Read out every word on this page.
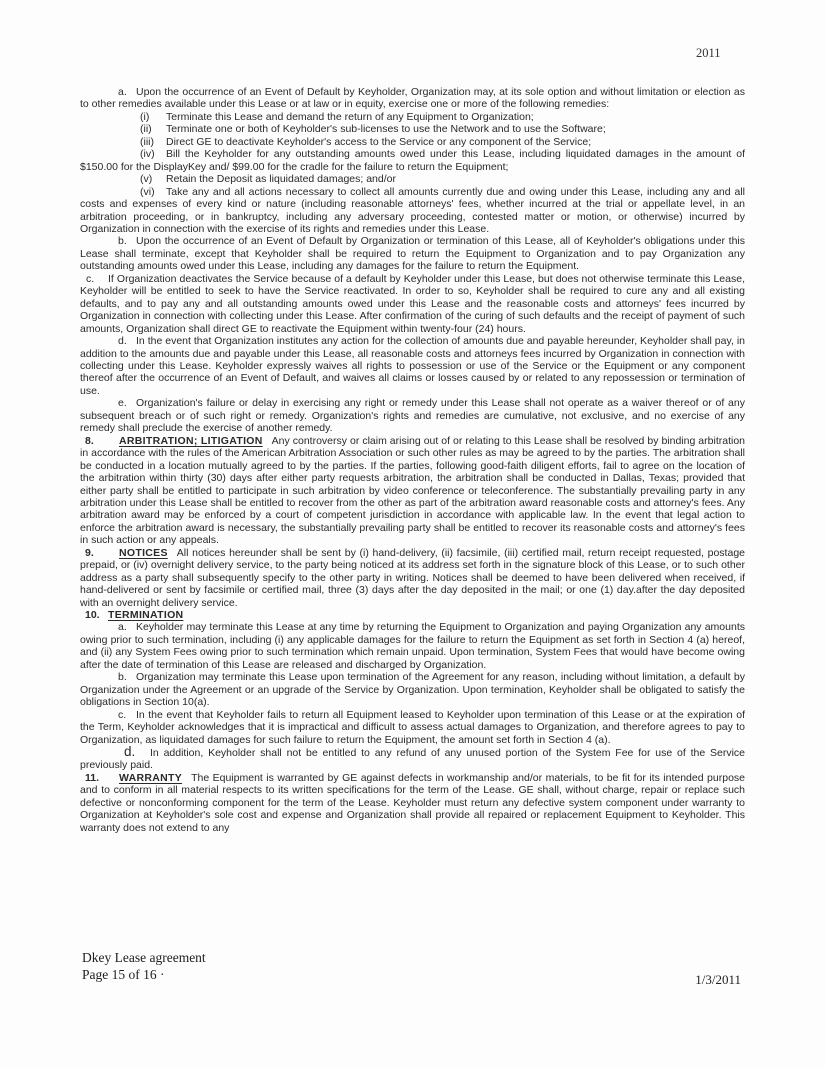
2011

a. Upon the occurrence of an Event of Default by Keyholder, Organization may, at its sole option and without limitation or election as to other remedies available under this Lease or at law or in equity, exercise one or more of the following remedies:

(i) Terminate this Lease and demand the return of any Equipment to Organization;

(ii) Terminate one or both of Keyholder's sub-licenses to use the Network and to use the Software;

(iii) Direct GE to deactivate Keyholder's access to the Service or any component of the Service;

(iv) Bill the Keyholder for any outstanding amounts owed under this Lease, including liquidated damages in the amount of $150.00 for the DisplayKey and/ $99.00 for the cradle for the failure to return the Equipment;

(v) Retain the Deposit as liquidated damages; and/or

(vi) Take any and all actions necessary to collect all amounts currently due and owing under this Lease, including any and all costs and expenses of every kind or nature (including reasonable attorneys' fees, whether incurred at the trial or appellate level, in an arbitration proceeding, or in bankruptcy, including any adversary proceeding, contested matter or motion, or otherwise) incurred by Organization in connection with the exercise of its rights and remedies under this Lease.

b. Upon the occurrence of an Event of Default by Organization or termination of this Lease, all of Keyholder's obligations under this Lease shall terminate, except that Keyholder shall be required to return the Equipment to Organization and to pay Organization any outstanding amounts owed under this Lease, including any damages for the failure to return the Equipment.

c. If Organization deactivates the Service because of a default by Keyholder under this Lease, but does not otherwise terminate this Lease, Keyholder will be entitled to seek to have the Service reactivated. In order to so, Keyholder shall be required to cure any and all existing defaults, and to pay any and all outstanding amounts owed under this Lease and the reasonable costs and attorneys' fees incurred by Organization in connection with collecting under this Lease. After confirmation of the curing of such defaults and the receipt of payment of such amounts, Organization shall direct GE to reactivate the Equipment within twenty-four (24) hours.

d. In the event that Organization institutes any action for the collection of amounts due and payable hereunder, Keyholder shall pay, in addition to the amounts due and payable under this Lease, all reasonable costs and attorneys fees incurred by Organization in connection with collecting under this Lease. Keyholder expressly waives all rights to possession or use of the Service or the Equipment or any component thereof after the occurrence of an Event of Default, and waives all claims or losses caused by or related to any repossession or termination of use.

e. Organization's failure or delay in exercising any right or remedy under this Lease shall not operate as a waiver thereof or of any subsequent breach or of such right or remedy. Organization's rights and remedies are cumulative, not exclusive, and no exercise of any remedy shall preclude the exercise of another remedy.

8. ARBITRATION; LITIGATION Any controversy or claim arising out of or relating to this Lease shall be resolved by binding arbitration in accordance with the rules of the American Arbitration Association or such other rules as may be agreed to by the parties. The arbitration shall be conducted in a location mutually agreed to by the parties. If the parties, following good-faith diligent efforts, fail to agree on the location of the arbitration within thirty (30) days after either party requests arbitration, the arbitration shall be conducted in Dallas, Texas; provided that either party shall be entitled to participate in such arbitration by video conference or teleconference. The substantially prevailing party in any arbitration under this Lease shall be entitled to recover from the other as part of the arbitration award reasonable costs and attorney's fees. Any arbitration award may be enforced by a court of competent jurisdiction in accordance with applicable law. In the event that legal action to enforce the arbitration award is necessary, the substantially prevailing party shall be entitled to recover its reasonable costs and attorney's fees in such action or any appeals.

9. NOTICES All notices hereunder shall be sent by (i) hand-delivery, (ii) facsimile, (iii) certified mail, return receipt requested, postage prepaid, or (iv) overnight delivery service, to the party being noticed at its address set forth in the signature block of this Lease, or to such other address as a party shall subsequently specify to the other party in writing. Notices shall be deemed to have been delivered when received, if hand-delivered or sent by facsimile or certified mail, three (3) days after the day deposited in the mail; or one (1) day.after the day deposited with an overnight delivery service.

10. TERMINATION

a. Keyholder may terminate this Lease at any time by returning the Equipment to Organization and paying Organization any amounts owing prior to such termination, including (i) any applicable damages for the failure to return the Equipment as set forth in Section 4 (a) hereof, and (ii) any System Fees owing prior to such termination which remain unpaid. Upon termination, System Fees that would have become owing after the date of termination of this Lease are released and discharged by Organization.

b. Organization may terminate this Lease upon termination of the Agreement for any reason, including without limitation, a default by Organization under the Agreement or an upgrade of the Service by Organization. Upon termination, Keyholder shall be obligated to satisfy the obligations in Section 10(a).

c. In the event that Keyholder fails to return all Equipment leased to Keyholder upon termination of this Lease or at the expiration of the Term, Keyholder acknowledges that it is impractical and difficult to assess actual damages to Organization, and therefore agrees to pay to Organization, as liquidated damages for such failure to return the Equipment, the amount set forth in Section 4 (a).

d. In addition, Keyholder shall not be entitled to any refund of any unused portion of the System Fee for use of the Service previously paid.

11. WARRANTY The Equipment is warranted by GE against defects in workmanship and/or materials, to be fit for its intended purpose and to conform in all material respects to its written specifications for the term of the Lease. GE shall, without charge, repair or replace such defective or nonconforming component for the term of the Lease. Keyholder must return any defective system component under warranty to Organization at Keyholder's sole cost and expense and Organization shall provide all repaired or replacement Equipment to Keyholder. This warranty does not extend to any

Dkey Lease agreement
Page 15 of 16 ·	1/3/2011
